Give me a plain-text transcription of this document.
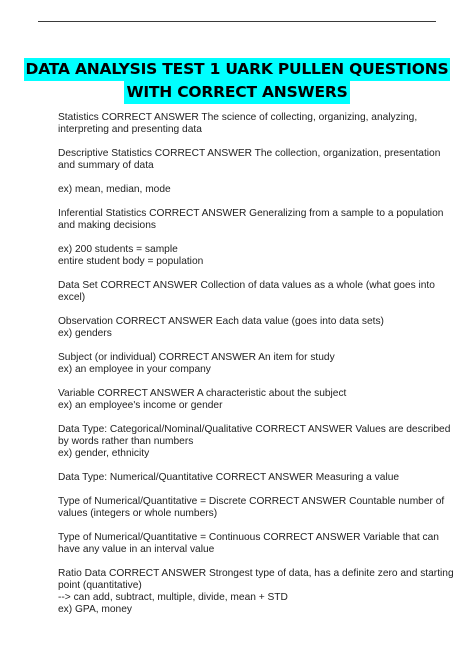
DATA ANALYSIS TEST 1 UARK PULLEN QUESTIONS
WITH CORRECT ANSWERS
Statistics CORRECT ANSWER The science of collecting, organizing, analyzing,
interpreting and presenting data
Descriptive Statistics CORRECT ANSWER The collection, organization, presentation
and summary of data
ex) mean, median, mode
Inferential Statistics CORRECT ANSWER Generalizing from a sample to a population
and making decisions
ex) 200 students = sample
entire student body = population
Data Set CORRECT ANSWER Collection of data values as a whole (what goes into
excel)
Observation CORRECT ANSWER Each data value (goes into data sets)
ex) genders
Subject (or individual) CORRECT ANSWER An item for study
ex) an employee in your company
Variable CORRECT ANSWER A characteristic about the subject
ex) an employee's income or gender
Data Type: Categorical/Nominal/Qualitative CORRECT ANSWER Values are described
by words rather than numbers
ex) gender, ethnicity
Data Type: Numerical/Quantitative CORRECT ANSWER Measuring a value
Type of Numerical/Quantitative = Discrete CORRECT ANSWER Countable number of
values (integers or whole numbers)
Type of Numerical/Quantitative = Continuous CORRECT ANSWER Variable that can
have any value in an interval value
Ratio Data CORRECT ANSWER Strongest type of data, has a definite zero and starting
point (quantitative)
--> can add, subtract, multiple, divide, mean + STD
ex) GPA, money
